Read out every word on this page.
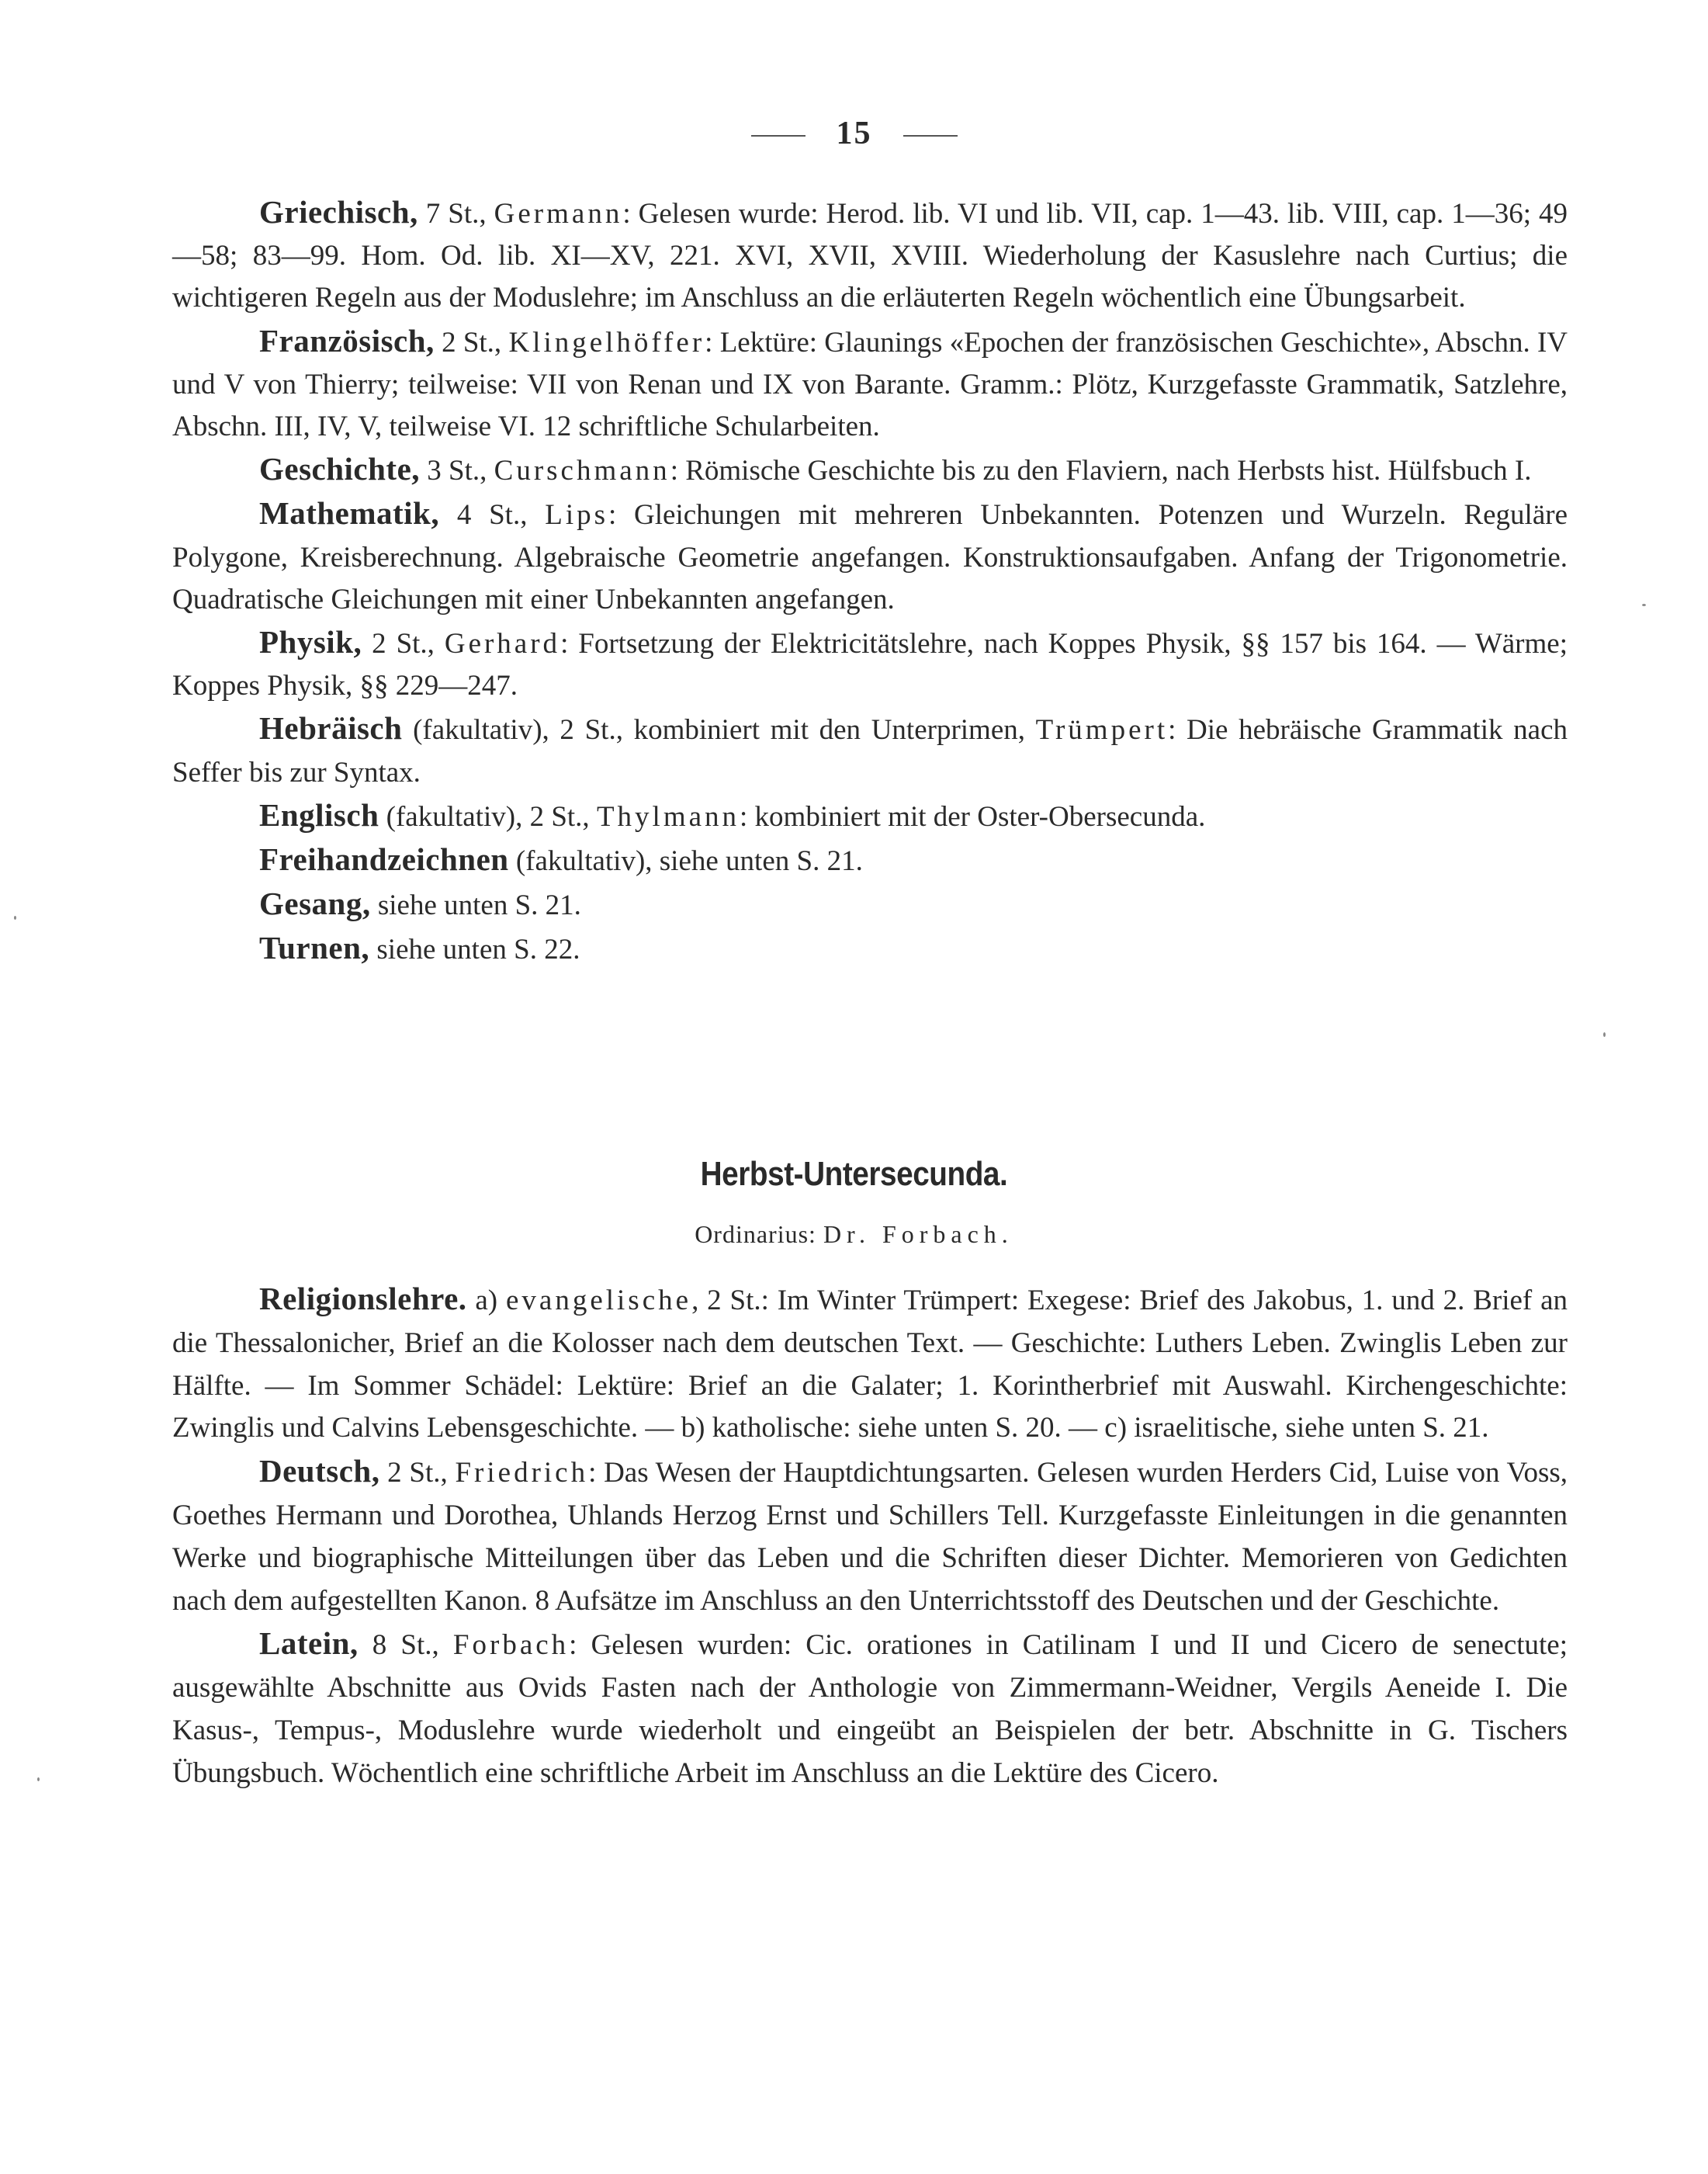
15

Griechisch, 7 St., Germann: Gelesen wurde: Herod. lib. VI und lib. VII, cap. 1—43. lib. VIII, cap. 1—36; 49—58; 83—99. Hom. Od. lib. XI—XV, 221. XVI, XVII, XVIII. Wiederholung der Kasuslehre nach Curtius; die wichtigeren Regeln aus der Moduslehre; im Anschluss an die erläuterten Regeln wöchentlich eine Übungsarbeit.

Französisch, 2 St., Klingelhöffer: Lektüre: Glaunings «Epochen der französischen Geschichte», Abschn. IV und V von Thierry; teilweise: VII von Renan und IX von Barante. Gramm.: Plötz, Kurzgefasste Grammatik, Satzlehre, Abschn. III, IV, V, teilweise VI. 12 schriftliche Schularbeiten.

Geschichte, 3 St., Curschmann: Römische Geschichte bis zu den Flaviern, nach Herbsts hist. Hülfsbuch I.

Mathematik, 4 St., Lips: Gleichungen mit mehreren Unbekannten. Potenzen und Wurzeln. Reguläre Polygone, Kreisberechnung. Algebraische Geometrie angefangen. Konstruktionsaufgaben. Anfang der Trigonometrie. Quadratische Gleichungen mit einer Unbekannten angefangen.

Physik, 2 St., Gerhard: Fortsetzung der Elektricitätslehre, nach Koppes Physik, §§ 157 bis 164. — Wärme; Koppes Physik, §§ 229—247.

Hebräisch (fakultativ), 2 St., kombiniert mit den Unterprimen, Trümpert: Die hebräische Grammatik nach Seffer bis zur Syntax.

Englisch (fakultativ), 2 St., Thylmann: kombiniert mit der Oster-Obersecunda.

Freihandzeichnen (fakultativ), siehe unten S. 21.

Gesang, siehe unten S. 21.

Turnen, siehe unten S. 22.

Herbst-Untersecunda.
Ordinarius: Dr. Forbach.

Religionslehre. a) evangelische, 2 St.: Im Winter Trümpert: Exegese: Brief des Jakobus, 1. und 2. Brief an die Thessalonicher, Brief an die Kolosser nach dem deutschen Text. — Geschichte: Luthers Leben. Zwinglis Leben zur Hälfte. — Im Sommer Schädel: Lektüre: Brief an die Galater; 1. Korintherbrief mit Auswahl. Kirchengeschichte: Zwinglis und Calvins Lebensgeschichte. — b) katholische: siehe unten S. 20. — c) israelitische, siehe unten S. 21.

Deutsch, 2 St., Friedrich: Das Wesen der Hauptdichtungsarten. Gelesen wurden Herders Cid, Luise von Voss, Goethes Hermann und Dorothea, Uhlands Herzog Ernst und Schillers Tell. Kurzgefasste Einleitungen in die genannten Werke und biographische Mitteilungen über das Leben und die Schriften dieser Dichter. Memorieren von Gedichten nach dem aufgestellten Kanon. 8 Aufsätze im Anschluss an den Unterrichtsstoff des Deutschen und der Geschichte.

Latein, 8 St., Forbach: Gelesen wurden: Cic. orationes in Catilinam I und II und Cicero de senectute; ausgewählte Abschnitte aus Ovids Fasten nach der Anthologie von Zimmermann-Weidner, Vergils Aeneide I. Die Kasus-, Tempus-, Moduslehre wurde wiederholt und eingeübt an Beispielen der betr. Abschnitte in G. Tischers Übungsbuch. Wöchentlich eine schriftliche Arbeit im Anschluss an die Lektüre des Cicero.
